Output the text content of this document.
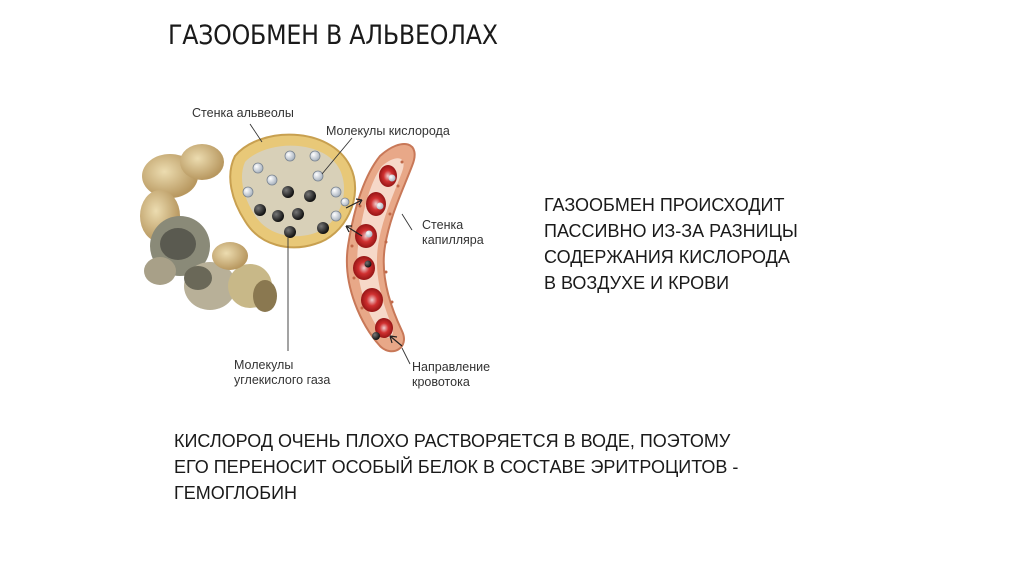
ГАЗООБМЕН В АЛЬВЕОЛАХ
Стенка альвеолы
Молекулы кислорода
Стенка
капилляра
Молекулы
углекислого газа
Направление
кровотока
ГАЗООБМЕН ПРОИСХОДИТ
ПАССИВНО ИЗ-ЗА РАЗНИЦЫ
СОДЕРЖАНИЯ КИСЛОРОДА
В ВОЗДУХЕ И КРОВИ
КИСЛОРОД ОЧЕНЬ ПЛОХО РАСТВОРЯЕТСЯ В ВОДЕ, ПОЭТОМУ
ЕГО ПЕРЕНОСИТ ОСОБЫЙ БЕЛОК В СОСТАВЕ ЭРИТРОЦИТОВ -
ГЕМОГЛОБИН
